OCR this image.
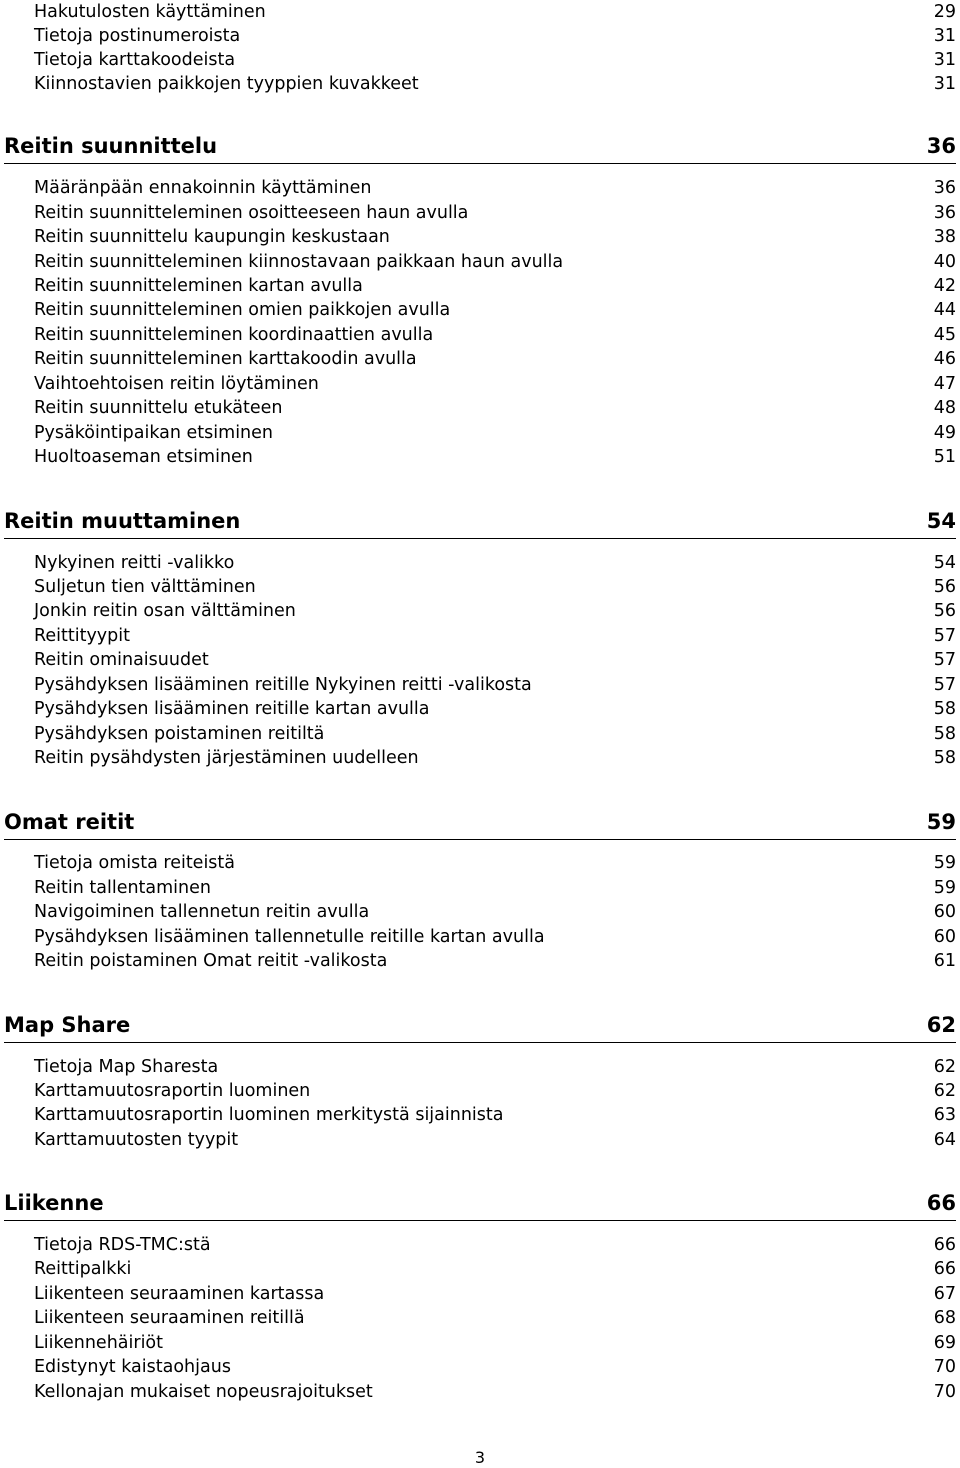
Hakutulosten käyttäminen	29
Tietoja postinumeroista	31
Tietoja karttakoodeista	31
Kiinnostavien paikkojen tyyppien kuvakkeet	31
Reitin suunnittelu	36
Määränpään ennakoinnin käyttäminen	36
Reitin suunnitteleminen osoitteeseen haun avulla	36
Reitin suunnittelu kaupungin keskustaan	38
Reitin suunnitteleminen kiinnostavaan paikkaan haun avulla	40
Reitin suunnitteleminen kartan avulla	42
Reitin suunnitteleminen omien paikkojen avulla	44
Reitin suunnitteleminen koordinaattien avulla	45
Reitin suunnitteleminen karttakoodin avulla	46
Vaihtoehtoisen reitin löytäminen	47
Reitin suunnittelu etukäteen	48
Pysäköintipaikan etsiminen	49
Huoltoaseman etsiminen	51
Reitin muuttaminen	54
Nykyinen reitti -valikko	54
Suljetun tien välttäminen	56
Jonkin reitin osan välttäminen	56
Reittityypit	57
Reitin ominaisuudet	57
Pysähdyksen lisääminen reitille Nykyinen reitti -valikosta	57
Pysähdyksen lisääminen reitille kartan avulla	58
Pysähdyksen poistaminen reitiltä	58
Reitin pysähdysten järjestäminen uudelleen	58
Omat reitit	59
Tietoja omista reiteistä	59
Reitin tallentaminen	59
Navigoiminen tallennetun reitin avulla	60
Pysähdyksen lisääminen tallennetulle reitille kartan avulla	60
Reitin poistaminen Omat reitit -valikosta	61
Map Share	62
Tietoja Map Sharesta	62
Karttamuutosraportin luominen	62
Karttamuutosraportin luominen merkitystä sijainnista	63
Karttamuutosten tyypit	64
Liikenne	66
Tietoja RDS-TMC:stä	66
Reittipalkki	66
Liikenteen seuraaminen kartassa	67
Liikenteen seuraaminen reitillä	68
Liikennehäiriöt	69
Edistynyt kaistaohjaus	70
Kellonajan mukaiset nopeusrajoitukset	70
3
